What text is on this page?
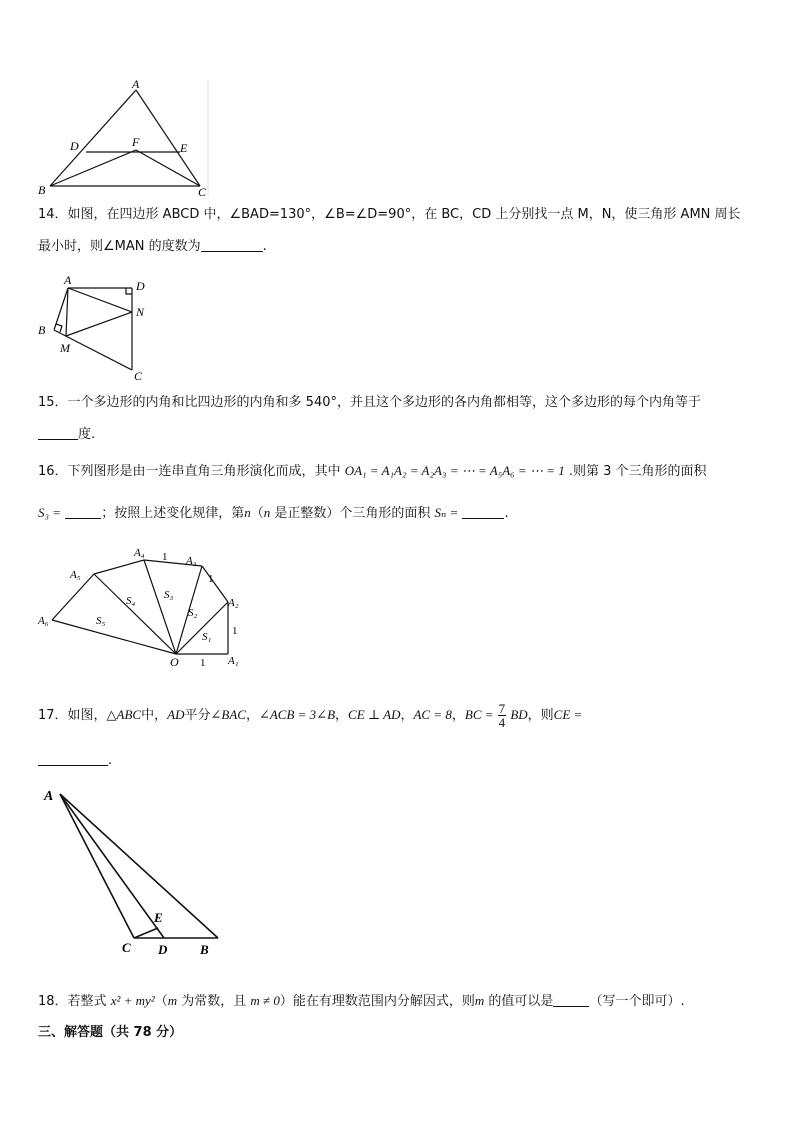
A
D	F	E
B	C
14．如图，在四边形 ABCD 中，∠BAD=130°，∠B=∠D=90°，在 BC，CD 上分别找一点 M，N，使三角形 AMN 周长
最小时，则∠MAN 的度数为	.
A	D
N
B
M
C
15．一个多边形的内角和比四边形的内角和多 540°，并且这个多边形的各内角都相等，这个多边形的每个内角等于
度.
16．下列图形是由一连串直角三角形演化而成，其中 OA₁ = A₁A₂ = A₂A₃ = ⋯ = A₅A₆ = ⋯ = 1 .则第 3 个三角形的面积
S₃ =	；按照上述变化规律，第n（n 是正整数）个三角形的面积 Sₙ =	.
O	A₁
A₂
A₃
A₄
A₅
A₆
S₁
S₂
S₃
S₄
S₅
1
1
1
1
17．如图，△ABC中，AD平分∠BAC，∠ACB = 3∠B，CE ⊥ AD，AC = 8，BC = $\frac{7}{4}$ BD，则CE =
.
A
E
C D	B
18．若整式 x² + my²（m 为常数，且 m ≠ 0）能在有理数范围内分解因式，则m 的值可以是	（写一个即可）.
三、解答题（共 78 分）
